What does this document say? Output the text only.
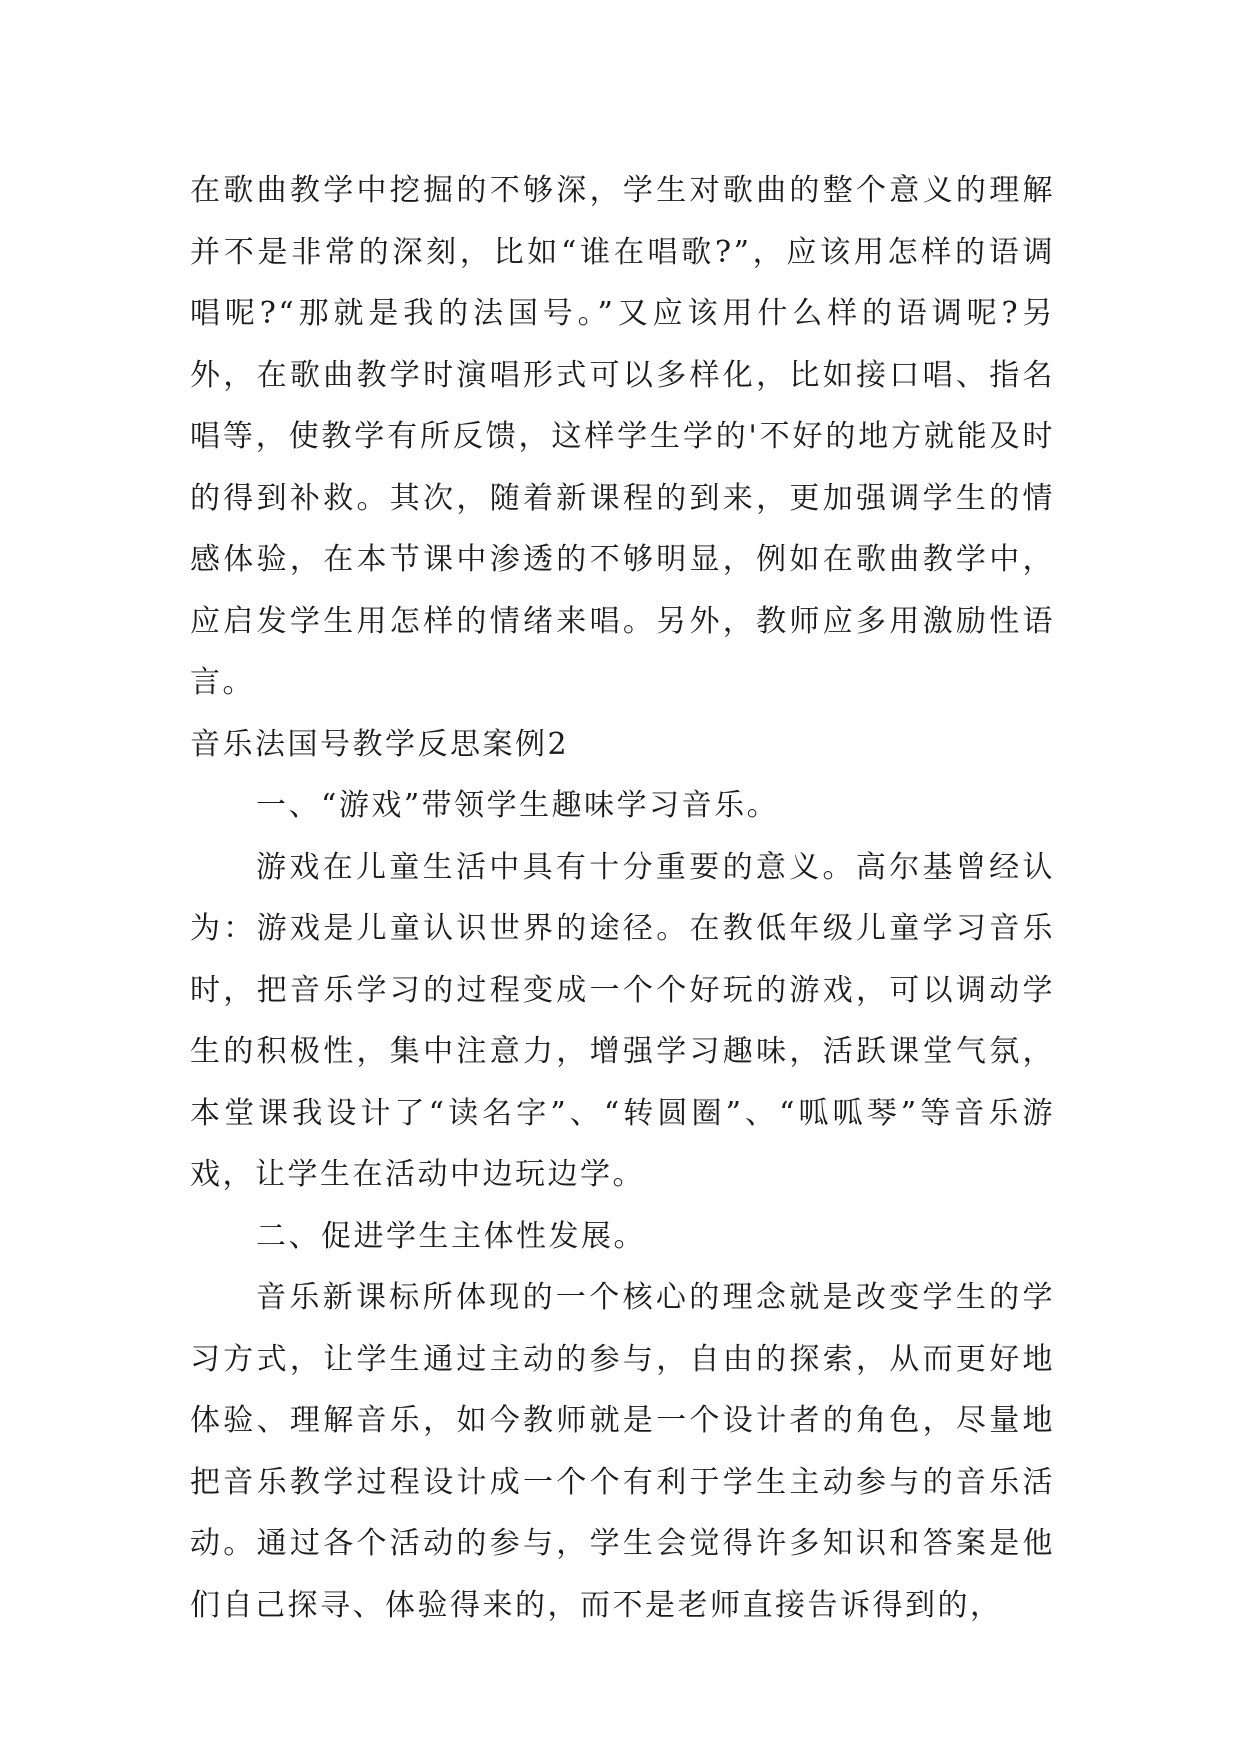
在歌曲教学中挖掘的不够深，学生对歌曲的整个意义的理解并不是非常的深刻，比如“谁在唱歌?”，应该用怎样的语调唱呢?“那就是我的法国号。”又应该用什么样的语调呢?另外，在歌曲教学时演唱形式可以多样化，比如接口唱、指名唱等，使教学有所反馈，这样学生学的'不好的地方就能及时的得到补救。其次，随着新课程的到来，更加强调学生的情感体验，在本节课中渗透的不够明显，例如在歌曲教学中，应启发学生用怎样的情绪来唱。另外，教师应多用激励性语言。

音乐法国号教学反思案例2

一、“游戏”带领学生趣味学习音乐。

游戏在儿童生活中具有十分重要的意义。高尔基曾经认为：游戏是儿童认识世界的途径。在教低年级儿童学习音乐时，把音乐学习的过程变成一个个好玩的游戏，可以调动学生的积极性，集中注意力，增强学习趣味，活跃课堂气氛，本堂课我设计了“读名字”、“转圆圈”、“呱呱琴”等音乐游戏，让学生在活动中边玩边学。

二、促进学生主体性发展。

音乐新课标所体现的一个核心的理念就是改变学生的学习方式，让学生通过主动的参与，自由的探索，从而更好地体验、理解音乐，如今教师就是一个设计者的角色，尽量地把音乐教学过程设计成一个个有利于学生主动参与的音乐活动。通过各个活动的参与，学生会觉得许多知识和答案是他们自己探寻、体验得来的，而不是老师直接告诉得到的，
